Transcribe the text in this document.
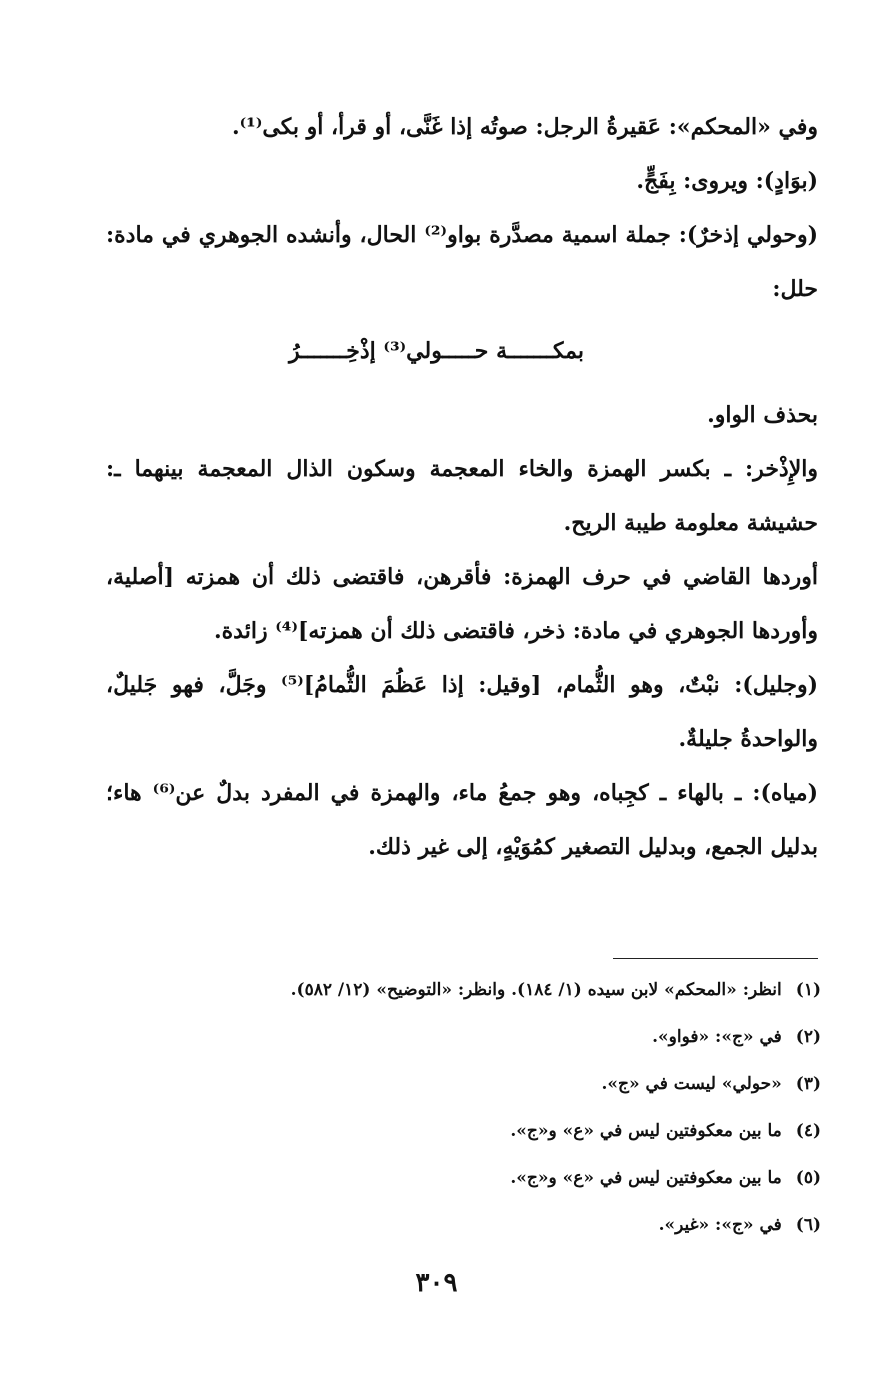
وفي «المحكم»: عَقيرةُ الرجل: صوتُه إذا غَنَّى، أو قرأ، أو بكى⁽¹⁾.

(بوَادٍ): ويروى: بِفَجٍّ.

(وحولي إذخرٌ): جملة اسمية مصدَّرة بواو⁽²⁾ الحال، وأنشده الجوهري في مادة: حلل:

بمكـــــــة حـــــولي⁽³⁾ إذْخِـــــــرُ

بحذف الواو.

والإِذْخر: ـ بكسر الهمزة والخاء المعجمة وسكون الذال المعجمة بينهما ـ: حشيشة معلومة طيبة الريح.

أوردها القاضي في حرف الهمزة: فأقرهن، فاقتضى ذلك أن همزته [أصلية، وأوردها الجوهري في مادة: ذخر، فاقتضى ذلك أن همزته]⁽⁴⁾ زائدة.

(وجليل): نبْتٌ، وهو الثُّمام، [وقيل: إذا عَظُمَ الثُّمامُ]⁽⁵⁾ وجَلَّ، فهو جَليلٌ، والواحدةُ جليلةٌ.

(مياه): ـ بالهاء ـ كجِباه، وهو جمعُ ماء، والهمزة في المفرد بدلٌ عن⁽⁶⁾ هاء؛ بدليل الجمع، وبدليل التصغير كمُوَيْهٍ، إلى غير ذلك.

(١)انظر: «المحكم» لابن سيده (١/ ١٨٤). وانظر: «التوضيح» (١٢/ ٥٨٢).
(٢)في «ج»: «فواو».
(٣)«حولي» ليست في «ج».
(٤)ما بين معكوفتين ليس في «ع» و«ج».
(٥)ما بين معكوفتين ليس في «ع» و«ج».
(٦)في «ج»: «غير».
٣٠٩
